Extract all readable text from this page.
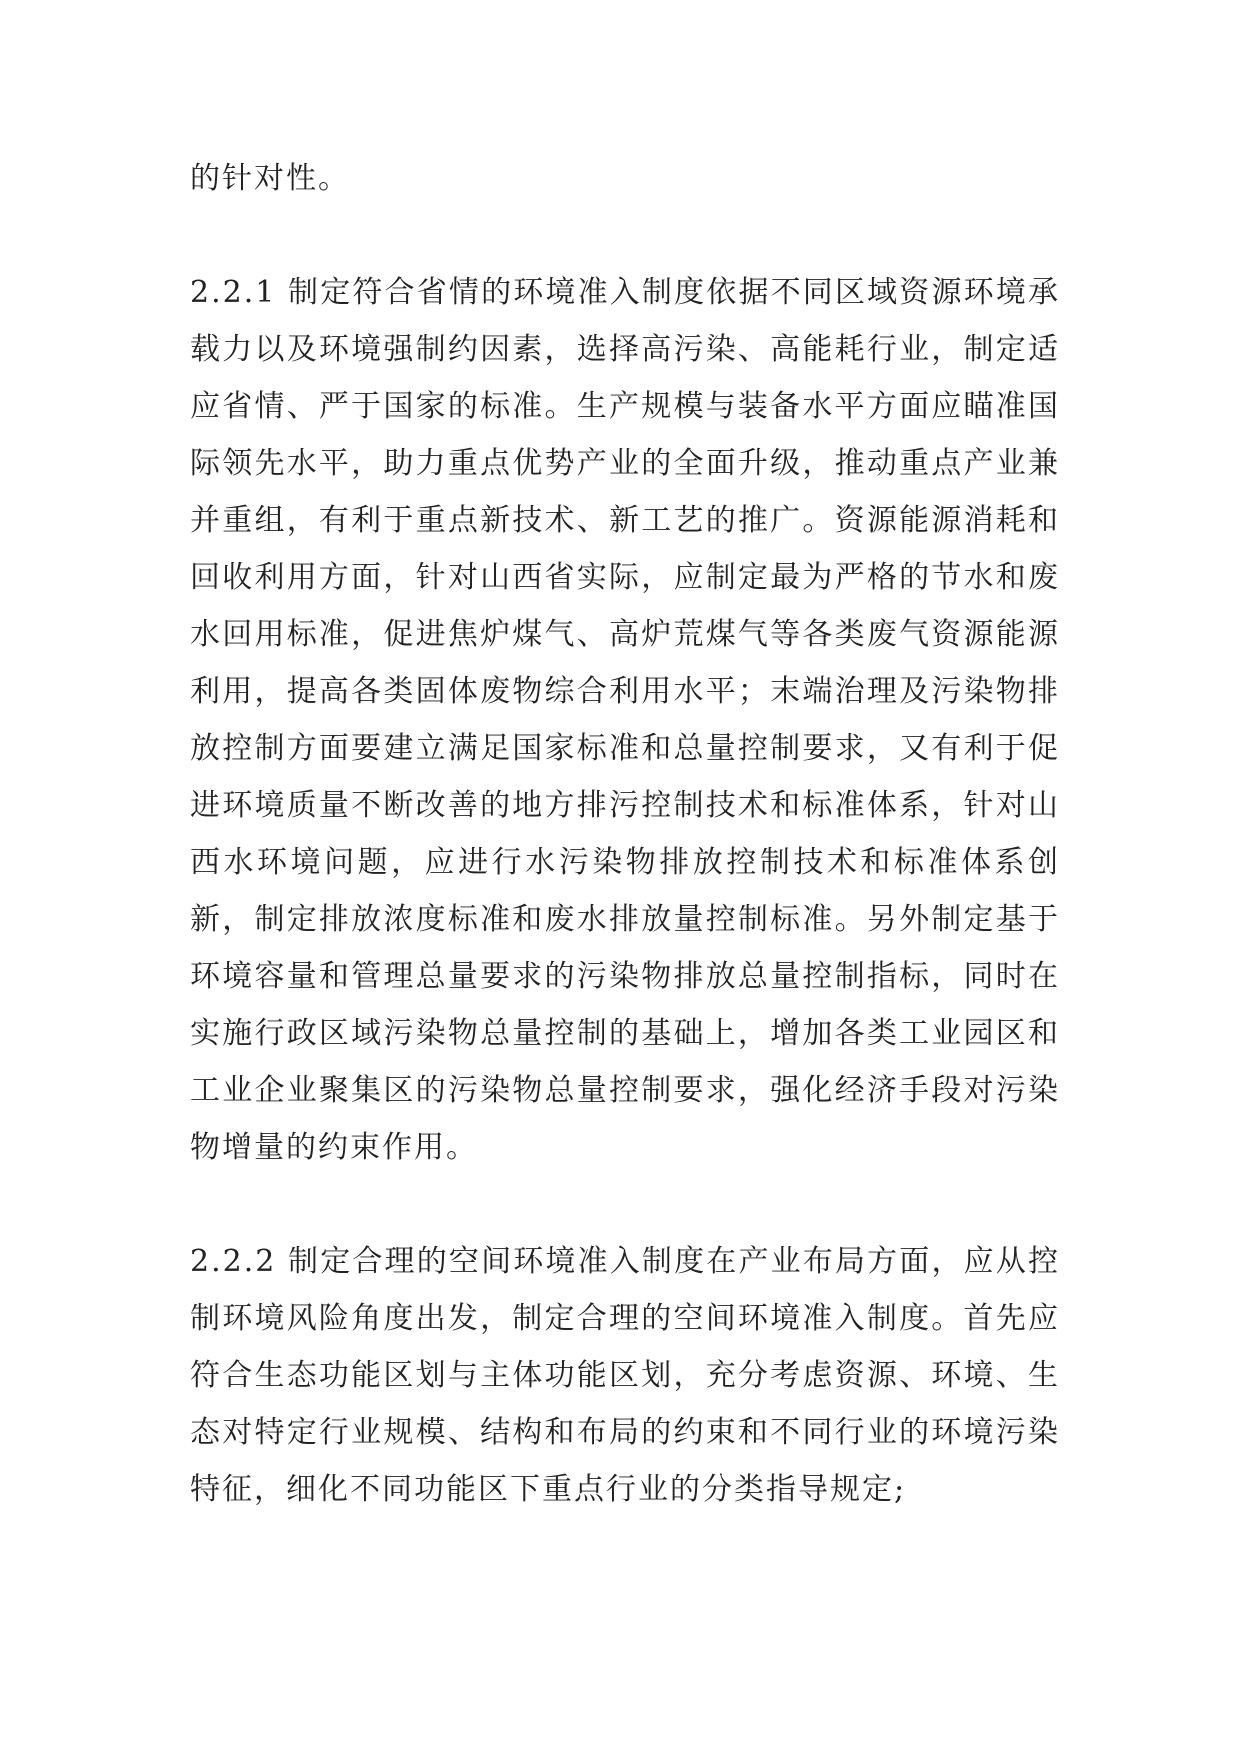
的针对性。

2.2.1 制定符合省情的环境准入制度依据不同区域资源环境承载力以及环境强制约因素，选择高污染、高能耗行业，制定适应省情、严于国家的标准。生产规模与装备水平方面应瞄准国际领先水平，助力重点优势产业的全面升级，推动重点产业兼并重组，有利于重点新技术、新工艺的推广。资源能源消耗和回收利用方面，针对山西省实际，应制定最为严格的节水和废水回用标准，促进焦炉煤气、高炉荒煤气等各类废气资源能源利用，提高各类固体废物综合利用水平；末端治理及污染物排放控制方面要建立满足国家标准和总量控制要求，又有利于促进环境质量不断改善的地方排污控制技术和标准体系，针对山西水环境问题，应进行水污染物排放控制技术和标准体系创新，制定排放浓度标准和废水排放量控制标准。另外制定基于环境容量和管理总量要求的污染物排放总量控制指标，同时在实施行政区域污染物总量控制的基础上，增加各类工业园区和工业企业聚集区的污染物总量控制要求，强化经济手段对污染物增量的约束作用。

2.2.2 制定合理的空间环境准入制度在产业布局方面，应从控制环境风险角度出发，制定合理的空间环境准入制度。首先应符合生态功能区划与主体功能区划，充分考虑资源、环境、生态对特定行业规模、结构和布局的约束和不同行业的环境污染特征，细化不同功能区下重点行业的分类指导规定;
